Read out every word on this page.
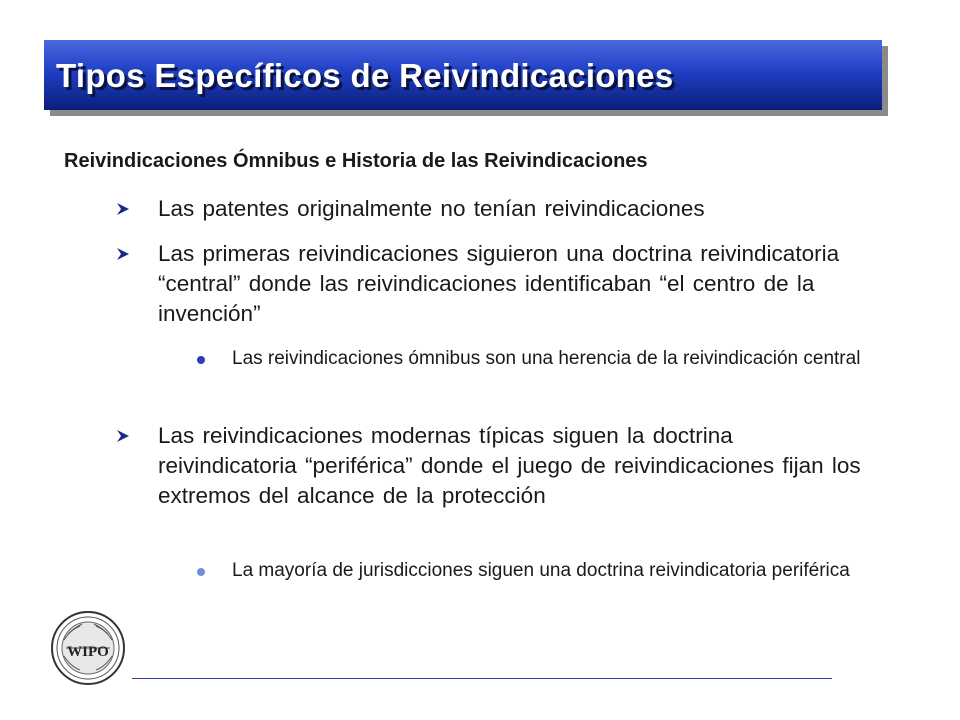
Tipos Específicos de Reivindicaciones
Reivindicaciones Ómnibus e Historia de las Reivindicaciones
Las patentes originalmente no tenían reivindicaciones
Las primeras reivindicaciones siguieron una doctrina reivindicatoria “central” donde las reivindicaciones identificaban “el centro de la invención”
Las reivindicaciones ómnibus son una herencia de la reivindicación central
Las reivindicaciones modernas típicas siguen la doctrina reivindicatoria “periférica” donde el juego de reivindicaciones fijan los extremos del alcance de la protección
La mayoría de jurisdicciones siguen una doctrina reivindicatoria periférica
WIPO
